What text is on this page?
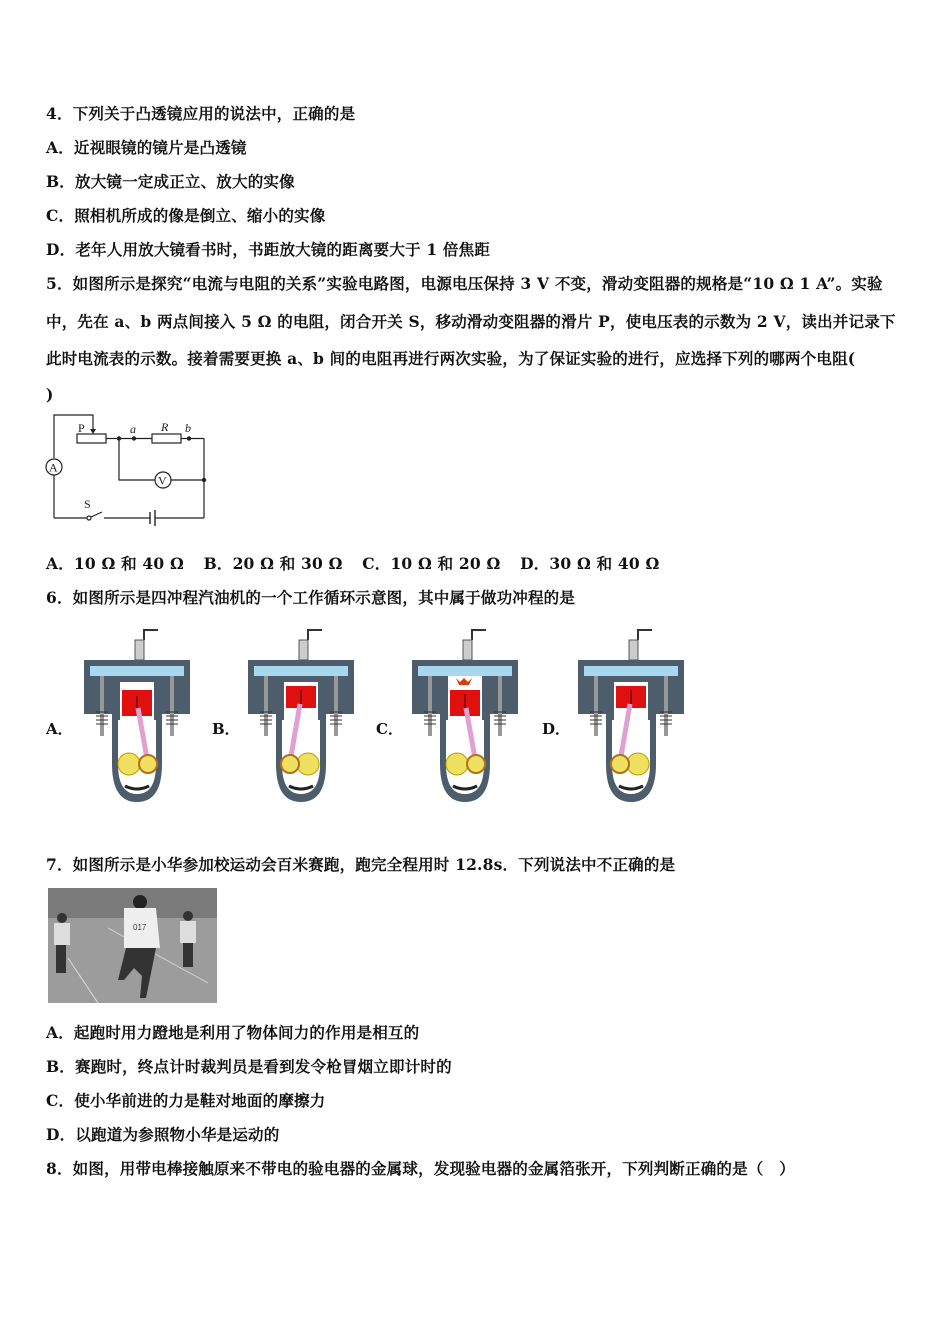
4．下列关于凸透镜应用的说法中，正确的是
A．近视眼镜的镜片是凸透镜
B．放大镜一定成正立、放大的实像
C．照相机所成的像是倒立、缩小的实像
D．老年人用放大镜看书时，书距放大镜的距离要大于 1 倍焦距
5．如图所示是探究“电流与电阻的关系”实验电路图，电源电压保持 3 V 不变，滑动变阻器的规格是“10 Ω 1 A”。实验
中，先在 a、b 两点间接入 5 Ω 的电阻，闭合开关 S，移动滑动变阻器的滑片 P，使电压表的示数为 2 V，读出并记录下
此时电流表的示数。接着需要更换 a、b 间的电阻再进行两次实验，为了保证实验的进行，应选择下列的哪两个电阻(
)
P	a R b
V
A
S
A．10 Ω 和 40 Ω B．20 Ω 和 30 Ω C．10 Ω 和 20 Ω D．30 Ω 和 40 Ω
6．如图所示是四冲程汽油机的一个工作循环示意图，其中属于做功冲程的是
A．	B．	C．	D．
7．如图所示是小华参加校运动会百米赛跑，跑完全程用时 12.8s．下列说法中不正确的是
017
A．起跑时用力蹬地是利用了物体间力的作用是相互的
B．赛跑时，终点计时裁判员是看到发令枪冒烟立即计时的
C．使小华前进的力是鞋对地面的摩擦力
D．以跑道为参照物小华是运动的
8．如图，用带电棒接触原来不带电的验电器的金属球，发现验电器的金属箔张开，下列判断正确的是（　）
